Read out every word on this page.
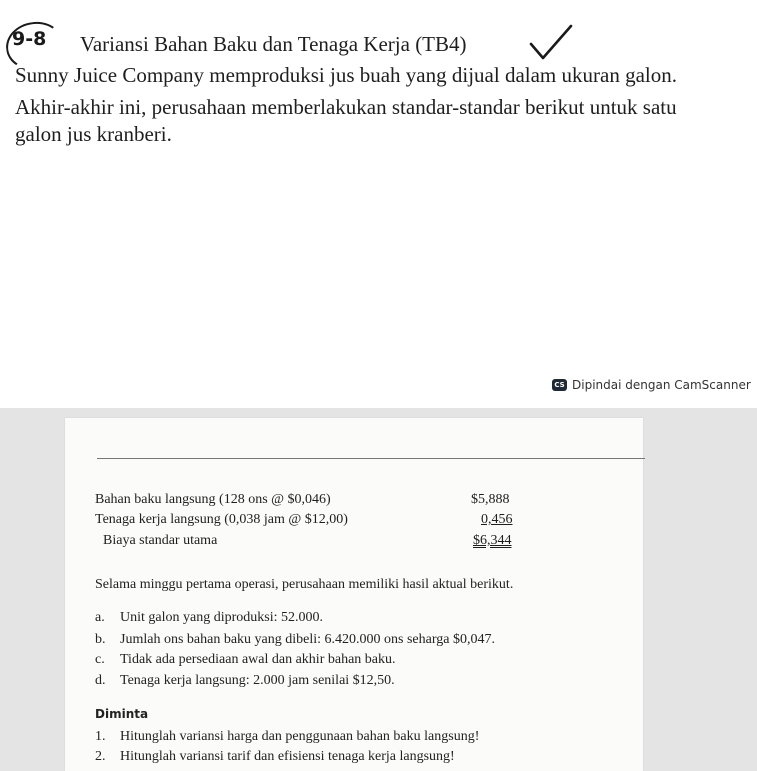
9-8 Variansi Bahan Baku dan Tenaga Kerja (TB4)
Sunny Juice Company memproduksi jus buah yang dijual dalam ukuran galon.
Akhir-akhir ini, perusahaan memberlakukan standar-standar berikut untuk satu
galon jus kranberi.
CS Dipindai dengan CamScanner
Bahan baku langsung (128 ons @ $0,046)	$5,888
Tenaga kerja langsung (0,038 jam @ $12,00)	0,456
Biaya standar utama	$6,344
Selama minggu pertama operasi, perusahaan memiliki hasil aktual berikut.
a. Unit galon yang diproduksi: 52.000.
b. Jumlah ons bahan baku yang dibeli: 6.420.000 ons seharga $0,047.
c. Tidak ada persediaan awal dan akhir bahan baku.
d. Tenaga kerja langsung: 2.000 jam senilai $12,50.
Diminta
1. Hitunglah variansi harga dan penggunaan bahan baku langsung!
2. Hitunglah variansi tarif dan efisiensi tenaga kerja langsung!
